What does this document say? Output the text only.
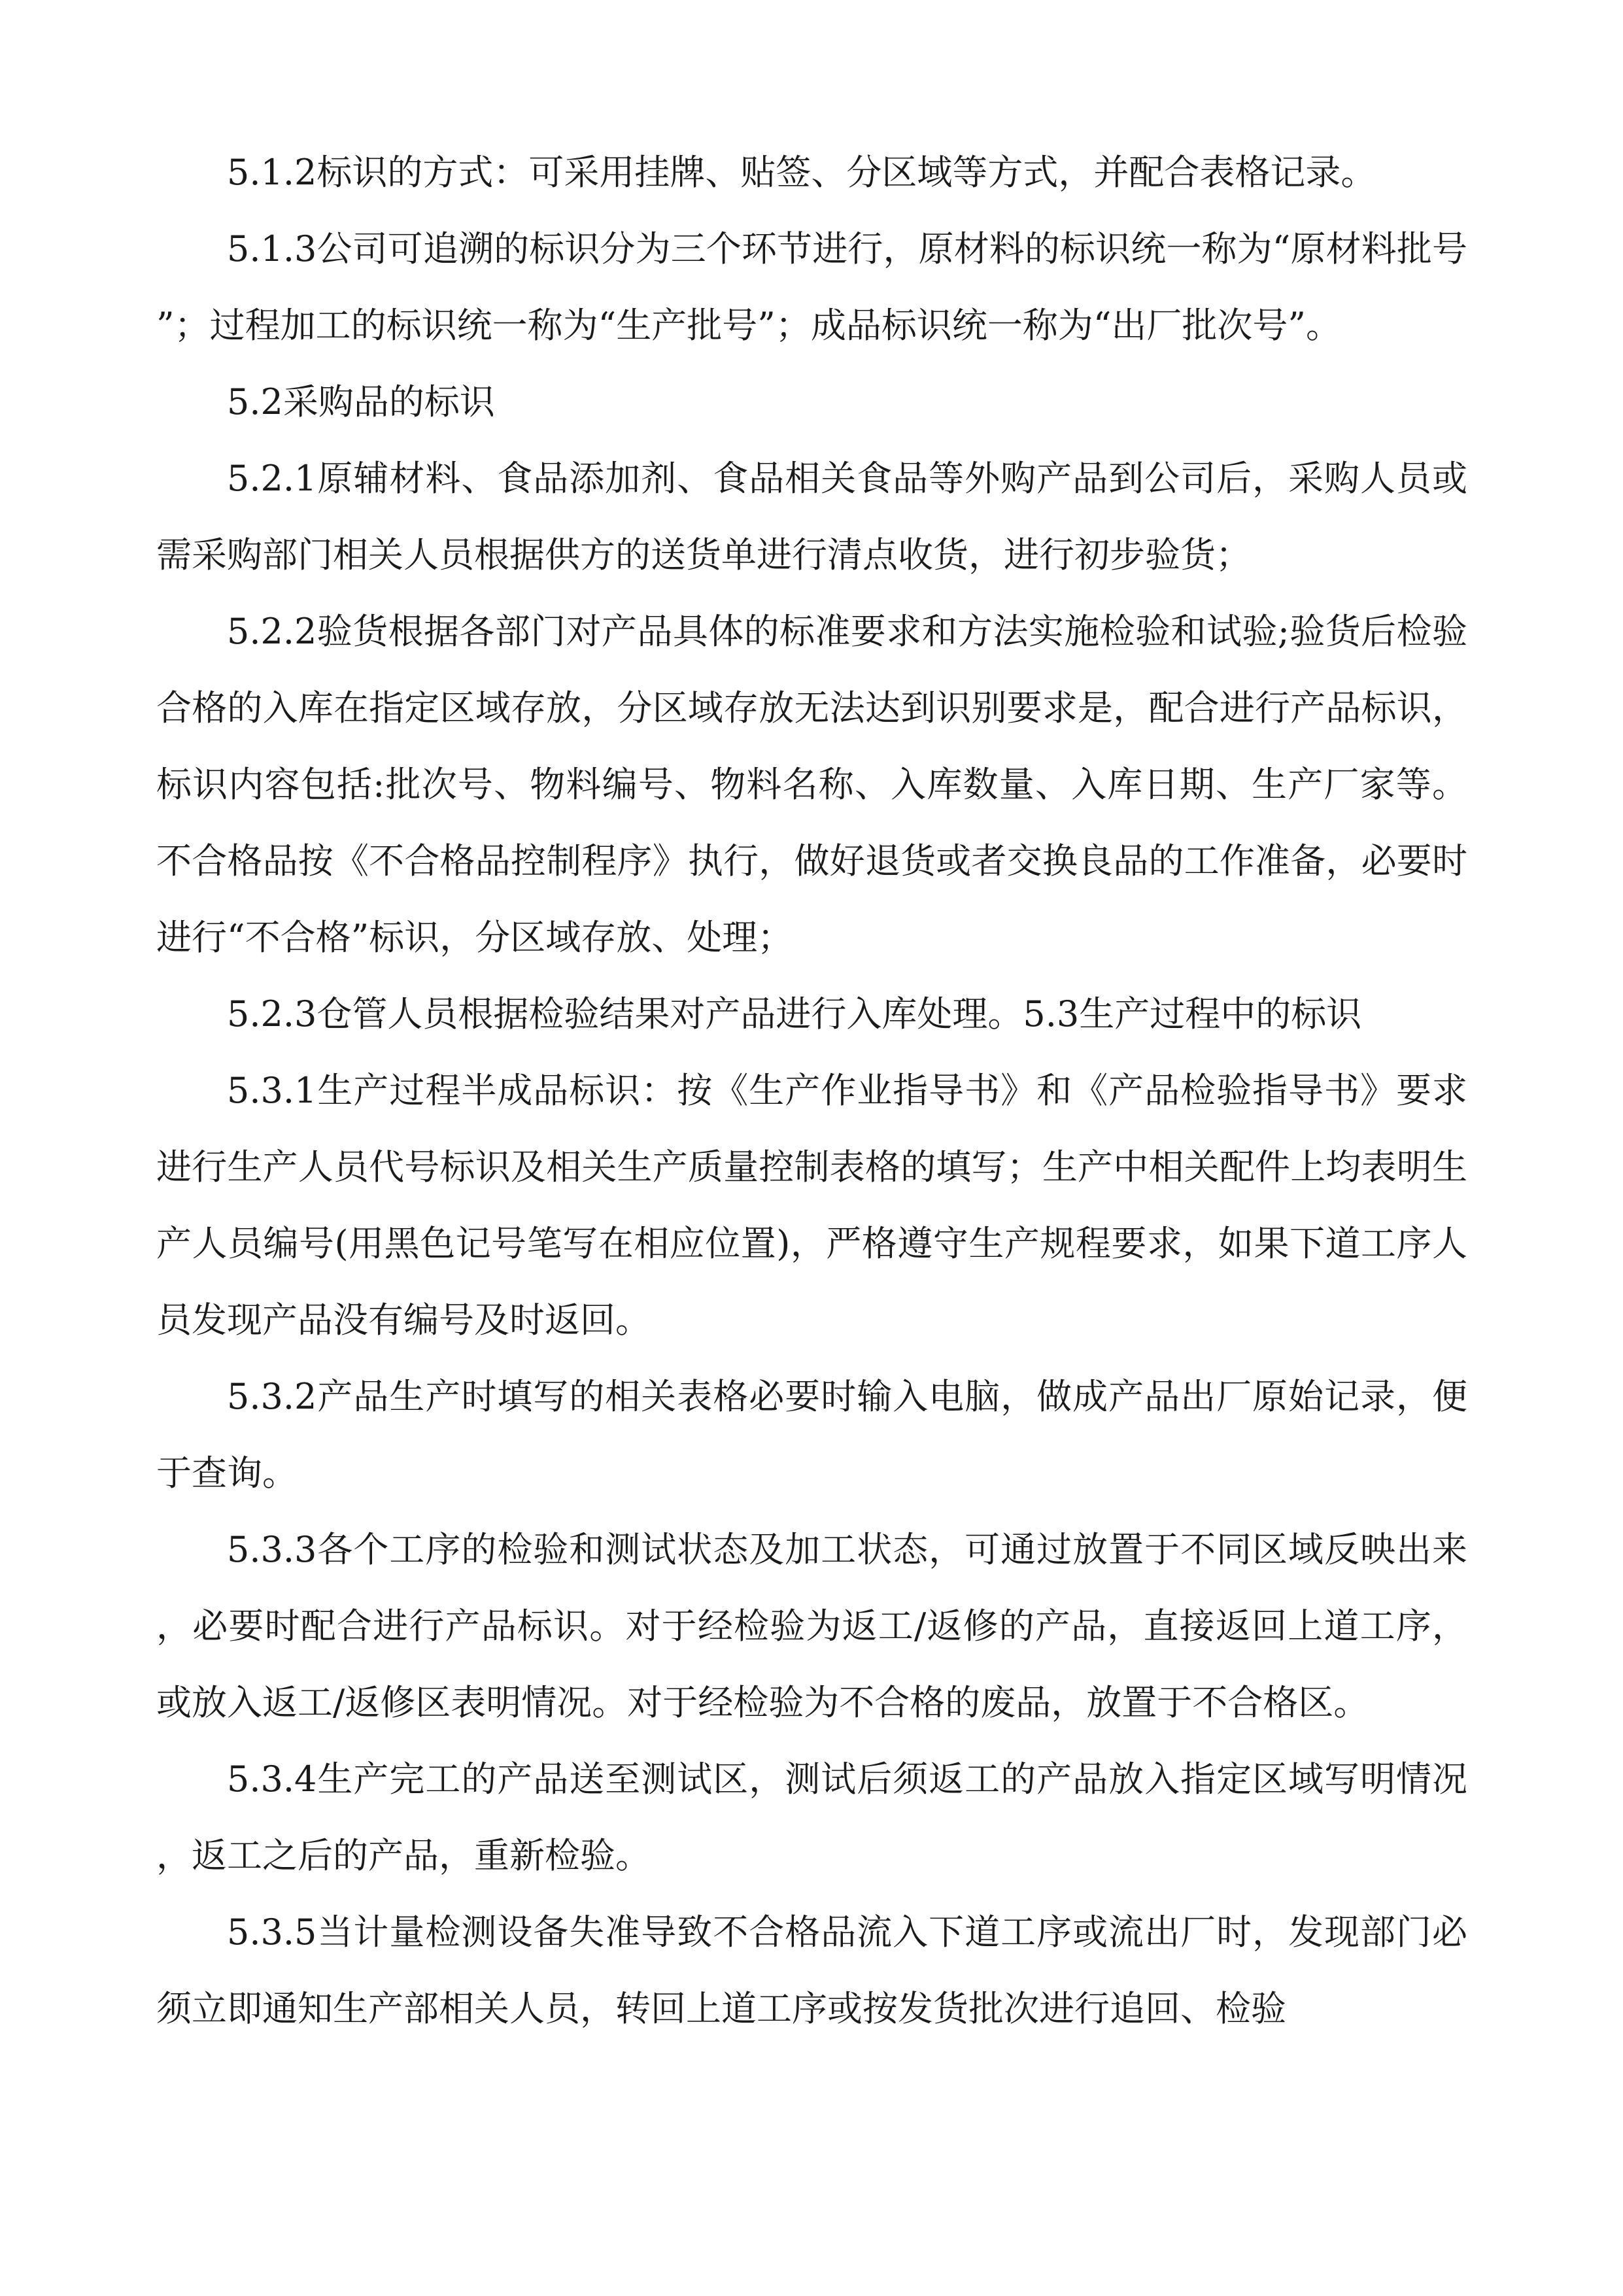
5.1.2标识的方式：可采用挂牌、贴签、分区域等方式，并配合表格记录。

5.1.3公司可追溯的标识分为三个环节进行，原材料的标识统一称为“原材料批号”；过程加工的标识统一称为“生产批号”；成品标识统一称为“出厂批次号”。

5.2采购品的标识

5.2.1原辅材料、食品添加剂、食品相关食品等外购产品到公司后，采购人员或需采购部门相关人员根据供方的送货单进行清点收货，进行初步验货；

5.2.2验货根据各部门对产品具体的标准要求和方法实施检验和试验;验货后检验合格的入库在指定区域存放，分区域存放无法达到识别要求是，配合进行产品标识，标识内容包括:批次号、物料编号、物料名称、入库数量、入库日期、生产厂家等。不合格品按《不合格品控制程序》执行，做好退货或者交换良品的工作准备，必要时进行“不合格”标识，分区域存放、处理；

5.2.3仓管人员根据检验结果对产品进行入库处理。5.3生产过程中的标识

5.3.1生产过程半成品标识：按《生产作业指导书》和《产品检验指导书》要求进行生产人员代号标识及相关生产质量控制表格的填写；生产中相关配件上均表明生产人员编号(用黑色记号笔写在相应位置)，严格遵守生产规程要求，如果下道工序人员发现产品没有编号及时返回。

5.3.2产品生产时填写的相关表格必要时输入电脑，做成产品出厂原始记录，便于查询。

5.3.3各个工序的检验和测试状态及加工状态，可通过放置于不同区域反映出来，必要时配合进行产品标识。对于经检验为返工/返修的产品，直接返回上道工序，或放入返工/返修区表明情况。对于经检验为不合格的废品，放置于不合格区。

5.3.4生产完工的产品送至测试区，测试后须返工的产品放入指定区域写明情况，返工之后的产品，重新检验。

5.3.5当计量检测设备失准导致不合格品流入下道工序或流出厂时，发现部门必须立即通知生产部相关人员，转回上道工序或按发货批次进行追回、检验
